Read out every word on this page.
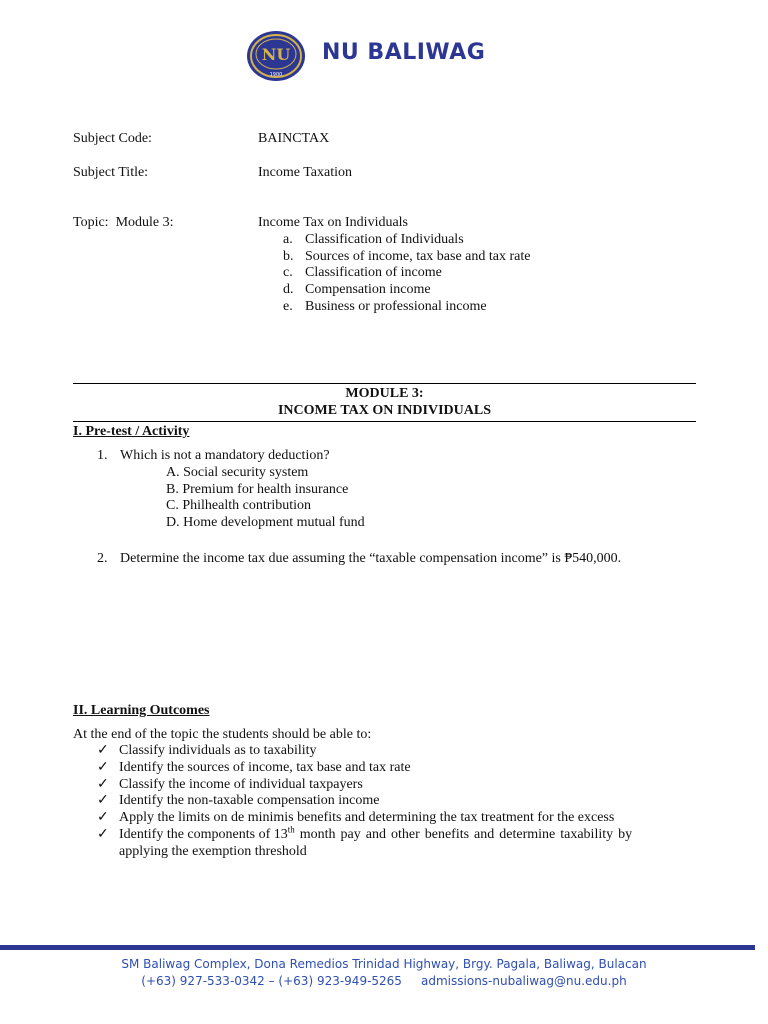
NU
1900
NU BALIWAG
Subject Code:	BAINCTAX
Subject Title:	Income Taxation
Topic:  Module 3:	Income Tax on Individuals
a. Classification of Individuals
b. Sources of income, tax base and tax rate
c. Classification of income
d. Compensation income
e. Business or professional income
MODULE 3:
INCOME TAX ON INDIVIDUALS
I. Pre-test / Activity
1. Which is not a mandatory deduction?
A. Social security system
B. Premium for health insurance
C. Philhealth contribution
D. Home development mutual fund
2. Determine the income tax due assuming the “taxable compensation income” is ₱540,000.
II. Learning Outcomes
At the end of the topic the students should be able to:
✓ Classify individuals as to taxability
✓ Identify the sources of income, tax base and tax rate
✓ Classify the income of individual taxpayers
✓ Identify the non-taxable compensation income
✓ Apply the limits on de minimis benefits and determining the tax treatment for the excess
✓ Identify the components of 13th month pay and other benefits and determine taxability by
applying the exemption threshold
SM Baliwag Complex, Dona Remedios Trinidad Highway, Brgy. Pagala, Baliwag, Bulacan
(+63) 927-533-0342 – (+63) 923-949-5265     admissions-nubaliwag@nu.edu.ph
